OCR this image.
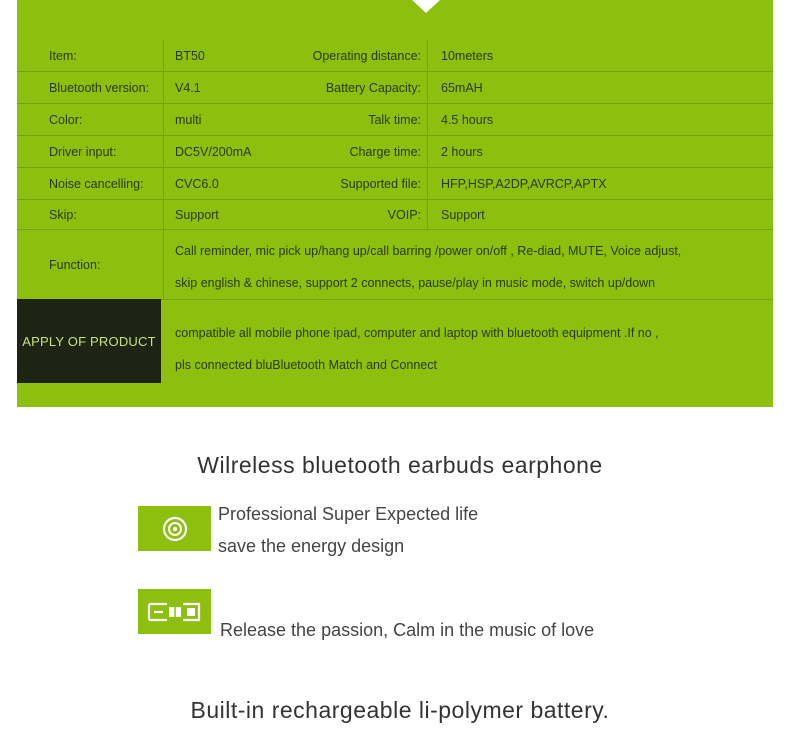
Item:	BT50	Operating distance: 10meters
Bluetooth version: V4.1	Battery Capacity: 65mAH
Color:	multi	Talk time: 4.5 hours
Driver input:	DC5V/200mA	Charge time: 2 hours
Noise cancelling:	CVC6.0	Supported file: HFP,HSP,A2DP,AVRCP,APTX
Skip:	Support	VOIP: Support
Function:
Call reminder, mic pick up/hang up/call barring /power on/off , Re-diad, MUTE, Voice adjust,
skip english & chinese, support 2 connects, pause/play in music mode, switch up/down
APPLY OF PRODUCT
compatible all mobile phone ipad, computer and laptop with bluetooth equipment .If no ,
pls connected bluBluetooth Match and Connect
Wilreless bluetooth earbuds earphone
Professional Super Expected life
save the energy design
Release the passion, Calm in the music of love
Built-in rechargeable li-polymer battery.
